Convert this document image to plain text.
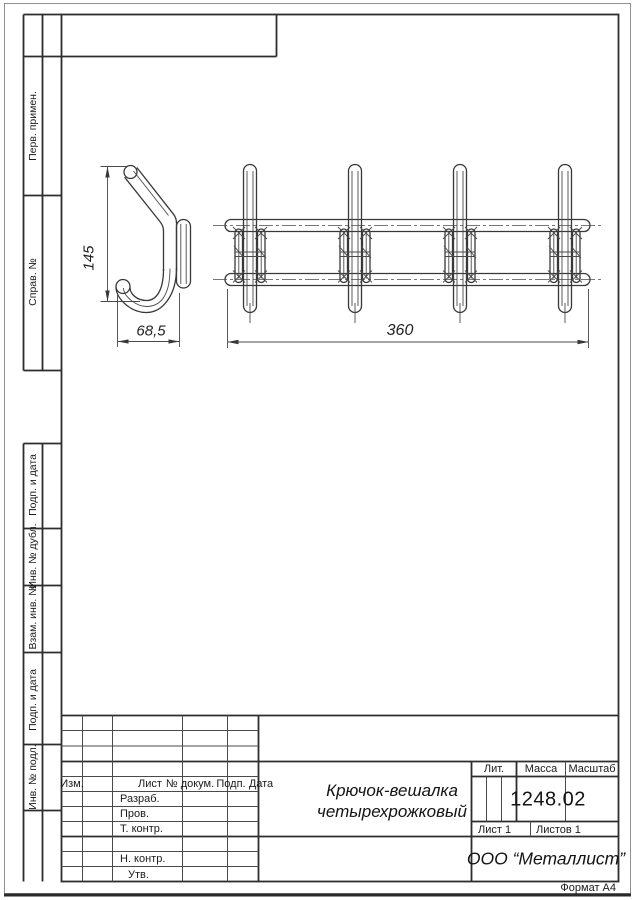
Перв. примен.
Справ. №
Подп. и дата
Инв. № дубл.
Взам. инв. №
Подп. и дата
Инв. № подл. Изм.	Лист № докум. Подп. Дата
Разраб.
Пров.
Т. контр.
Н. контр.
Утв.
Крючок-вешалка
четырехрожковый
Лит. Масса Масштаб
1248.02
Лист 1 Листов 1
ООО “Металлист”
Формат А4
145
68,5	360
